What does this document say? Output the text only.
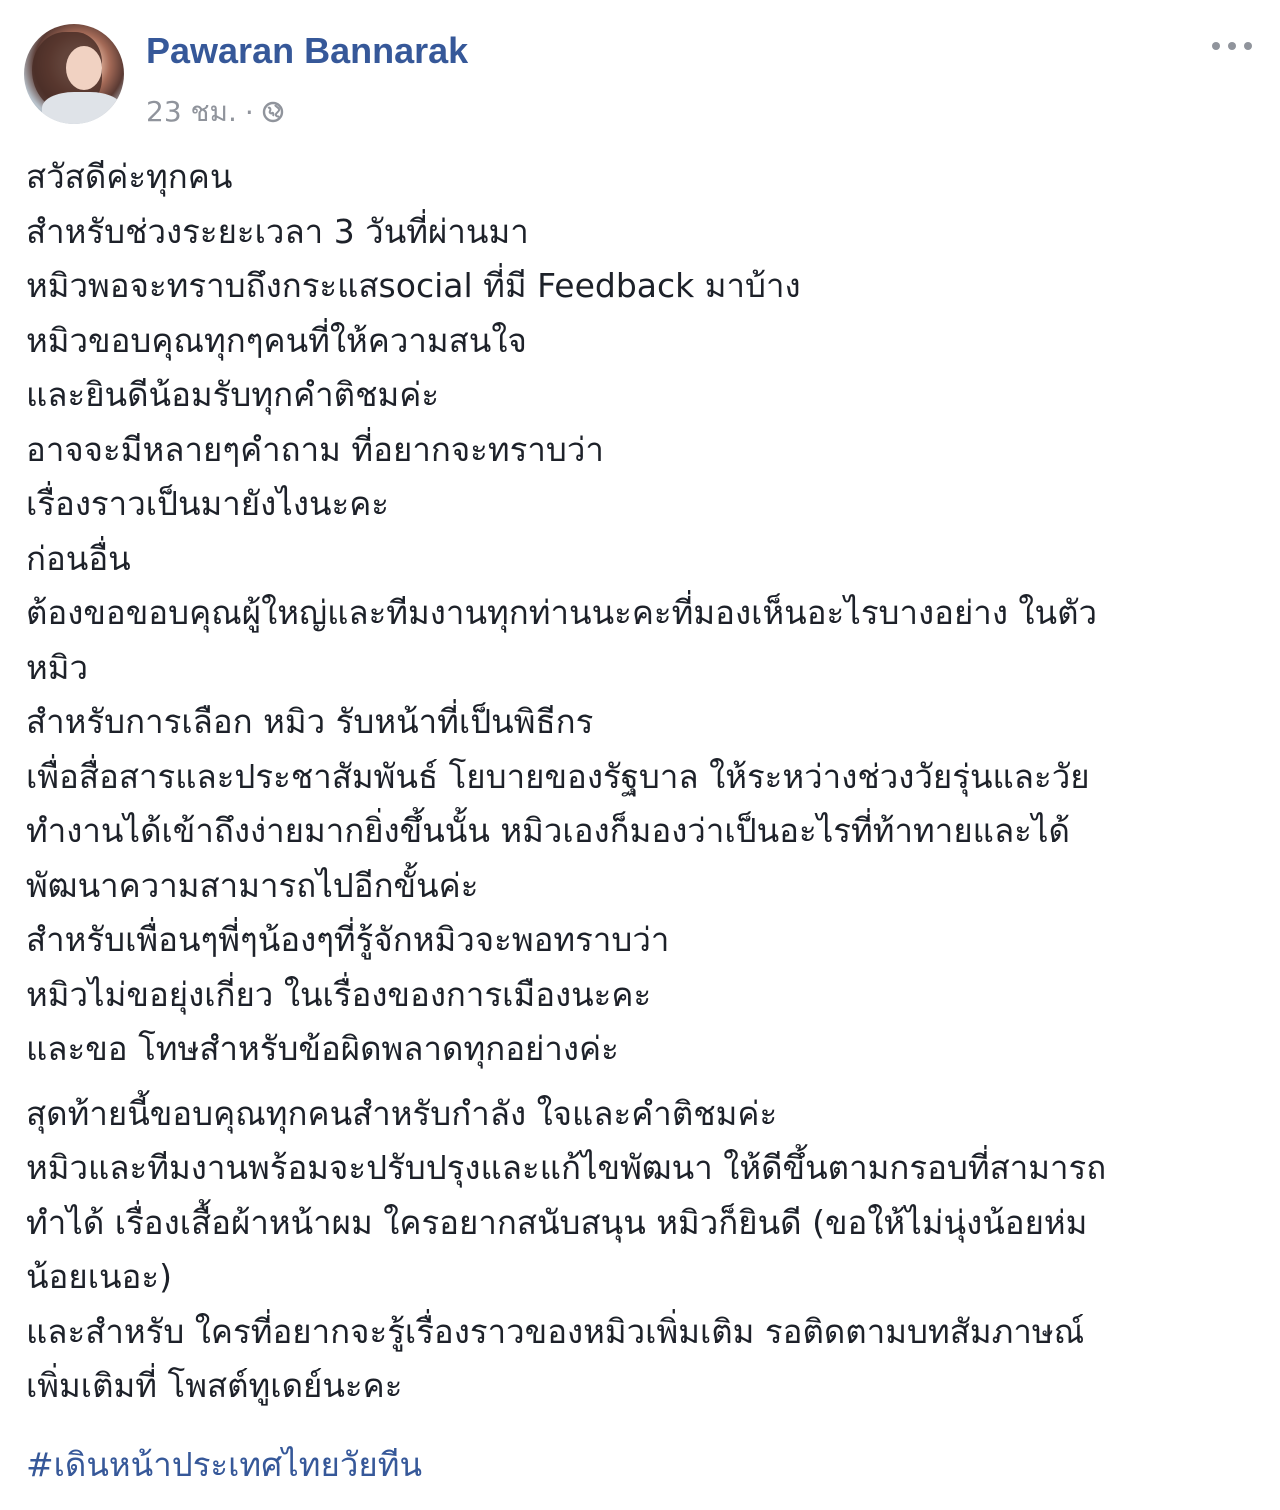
Pawaran Bannarak
23 ชม. ·

สวัสดีค่ะทุกคน
สำหรับช่วงระยะเวลา 3 วันที่ผ่านมา
หมิวพอจะทราบถึงกระแสsocial ที่มี Feedback มาบ้าง
หมิวขอบคุณทุกๆคนที่ให้ความสนใจ
และยินดีน้อมรับทุกคำติชมค่ะ
อาจจะมีหลายๆคำถาม ที่อยากจะทราบว่า
เรื่องราวเป็นมายังไงนะคะ
ก่อนอื่น
ต้องขอขอบคุณผู้ใหญ่และทีมงานทุกท่านนะคะที่มองเห็นอะไรบางอย่าง ในตัว
หมิว
สำหรับการเลือก หมิว รับหน้าที่เป็นพิธีกร
เพื่อสื่อสารและประชาสัมพันธ์ โยบายของรัฐบาล ให้ระหว่างช่วงวัยรุ่นและวัย
ทำงานได้เข้าถึงง่ายมากยิ่งขึ้นนั้น หมิวเองก็มองว่าเป็นอะไรที่ท้าทายและได้
พัฒนาความสามารถไปอีกขั้นค่ะ
สำหรับเพื่อนๆพี่ๆน้องๆที่รู้จักหมิวจะพอทราบว่า
หมิวไม่ขอยุ่งเกี่ยว ในเรื่องของการเมืองนะคะ
และขอ โทษสำหรับข้อผิดพลาดทุกอย่างค่ะ

สุดท้ายนี้ขอบคุณทุกคนสำหรับกำลัง ใจและคำติชมค่ะ
หมิวและทีมงานพร้อมจะปรับปรุงและแก้ไขพัฒนา ให้ดีขึ้นตามกรอบที่สามารถ
ทำได้ เรื่องเสื้อผ้าหน้าผม ใครอยากสนับสนุน หมิวก็ยินดี (ขอให้ไม่นุ่งน้อยห่ม
น้อยเนอะ)
และสำหรับ ใครที่อยากจะรู้เรื่องราวของหมิวเพิ่มเติม รอติดตามบทสัมภาษณ์
เพิ่มเติมที่ โพสต์ทูเดย์นะคะ

#เดินหน้าประเทศไทยวัยทีน
